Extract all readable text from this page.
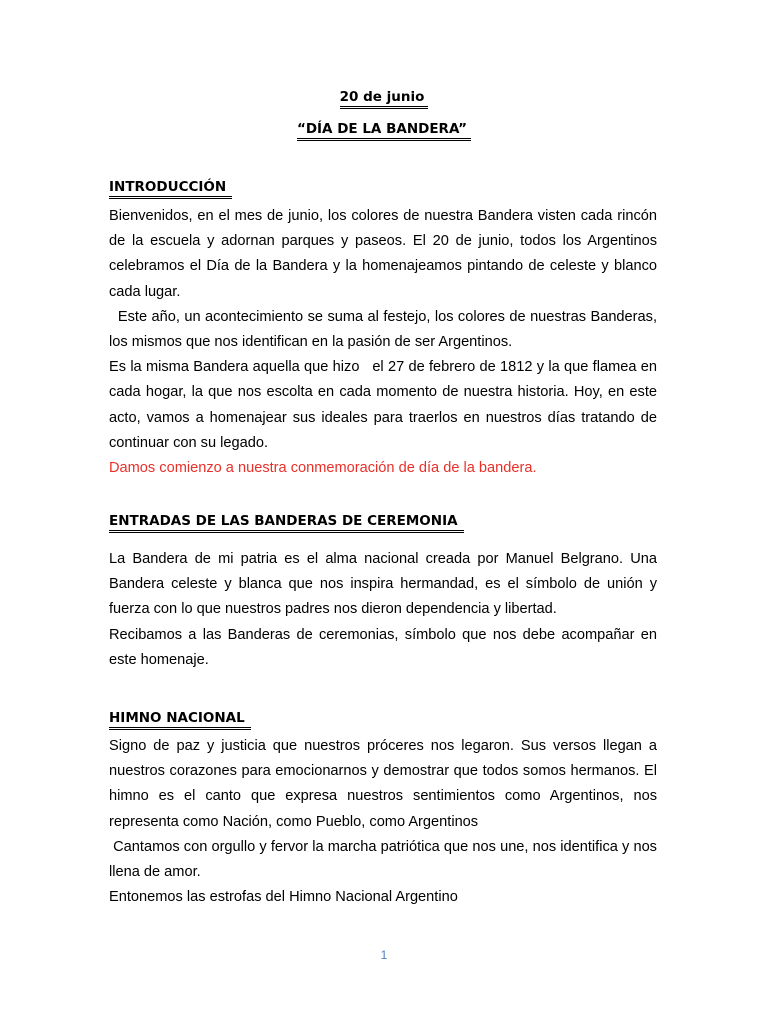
20 de junio
“DÍA DE LA BANDERA”
INTRODUCCIÓN

Bienvenidos, en el mes de junio, los colores de nuestra Bandera visten cada rincón de la escuela y adornan parques y paseos. El 20 de junio, todos los Argentinos celebramos el Día de la Bandera y la homenajeamos pintando de celeste y blanco cada lugar.

Este año, un acontecimiento se suma al festejo, los colores de nuestras Banderas, los mismos que nos identifican en la pasión de ser Argentinos.

Es la misma Bandera aquella que hizo   el 27 de febrero de 1812 y la que flamea en cada hogar, la que nos escolta en cada momento de nuestra historia. Hoy, en este acto, vamos a homenajear sus ideales para traerlos en nuestros días tratando de continuar con su legado.

Damos comienzo a nuestra conmemoración de día de la bandera.

ENTRADAS DE LAS BANDERAS DE CEREMONIA

La Bandera de mi patria es el alma nacional creada por Manuel Belgrano. Una Bandera celeste y blanca que nos inspira hermandad, es el símbolo de unión y fuerza con lo que nuestros padres nos dieron dependencia y libertad.

Recibamos a las Banderas de ceremonias, símbolo que nos debe acompañar en este homenaje.

HIMNO NACIONAL

Signo de paz y justicia que nuestros próceres nos legaron. Sus versos llegan a nuestros corazones para emocionarnos y demostrar que todos somos hermanos. El himno es el canto que expresa nuestros sentimientos como Argentinos, nos representa como Nación, como Pueblo, como Argentinos

Cantamos con orgullo y fervor la marcha patriótica que nos une, nos identifica y nos llena de amor.

Entonemos las estrofas del Himno Nacional Argentino

1
